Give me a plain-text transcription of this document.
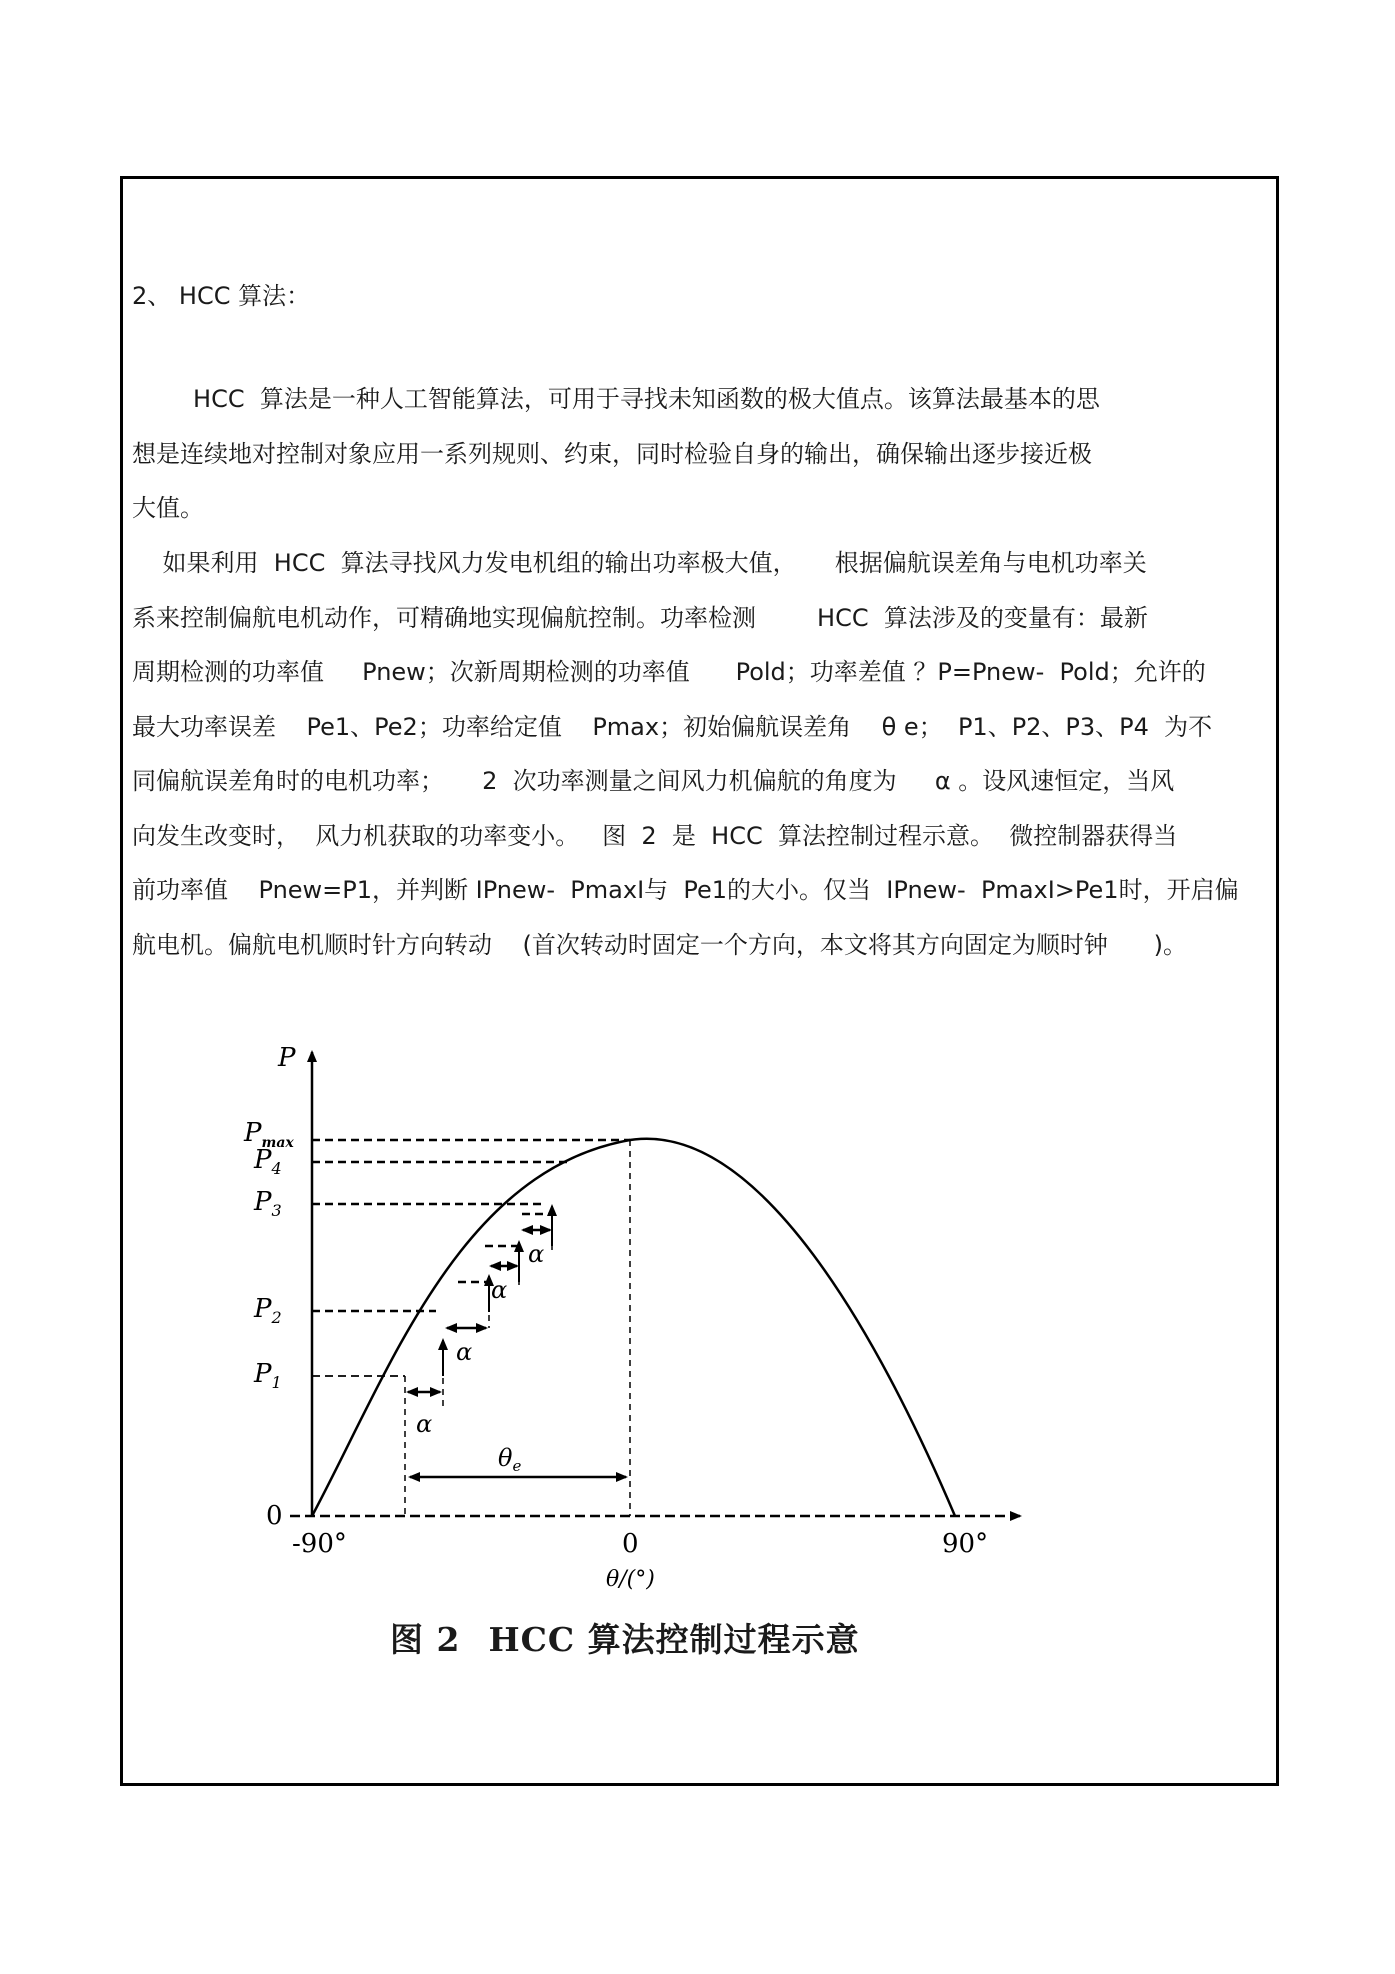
2、 HCC 算法：
HCC  算法是一种人工智能算法，可用于寻找未知函数的极大值点。该算法最基本的思
想是连续地对控制对象应用一系列规则、约束，同时检验自身的输出，确保输出逐步接近极
大值。
如果利用  HCC  算法寻找风力发电机组的输出功率极大值，     根据偏航误差角与电机功率关
系来控制偏航电机动作，可精确地实现偏航控制。功率检测        HCC  算法涉及的变量有：最新
周期检测的功率值     Pnew；次新周期检测的功率值      Pold；功率差值 ？P=Pnew-  Pold；允许的
最大功率误差    Pe1、Pe2；功率给定值    Pmax；初始偏航误差角    θ e；  P1、P2、P3、P4  为不
同偏航误差角时的电机功率；     2  次功率测量之间风力机偏航的角度为     α 。设风速恒定，当风
向发生改变时，  风力机获取的功率变小。   图  2  是  HCC  算法控制过程示意。  微控制器获得当
前功率值    Pnew=P1，并判断 IPnew-  PmaxI与  Pe1的大小。仅当  IPnew-  PmaxI>Pe1时，开启偏
航电机。偏航电机顺时针方向转动    (首次转动时固定一个方向，本文将其方向固定为顺时钟      )。
α
α
α
α
$\theta_e$
P
$P_{max}$
$P_4$
$P_3$
$P_2$
$P_1$
0
-90°	0	90°
θ/(°)
图 2 HCC 算法控制过程示意
